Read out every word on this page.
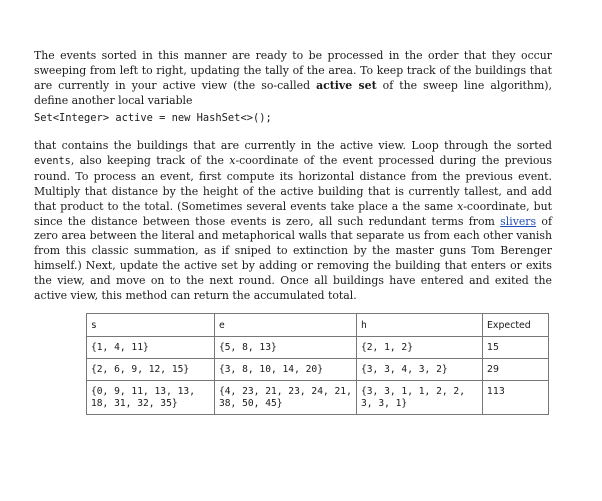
The events sorted in this manner are ready to be processed in the order that they occur sweeping from left to right, updating the tally of the area. To keep track of the buildings that are currently in your active view (the so-called active set of the sweep line algorithm), define another local variable

Set<Integer> active = new HashSet<>();

that contains the buildings that are currently in the active view. Loop through the sorted events, also keeping track of the x-coordinate of the event processed during the previous round. To process an event, first compute its horizontal distance from the previous event. Multiply that distance by the height of the active building that is currently tallest, and add that product to the total. (Sometimes several events take place a the same x-coordinate, but since the distance between those events is zero, all such redundant terms from slivers of zero area between the literal and metaphorical walls that separate us from each other vanish from this classic summation, as if sniped to extinction by the master guns Tom Berenger himself.) Next, update the active set by adding or removing the building that enters or exits the view, and move on to the next round. Once all buildings have entered and exited the active view, this method can return the accumulated total.

s	e	h	Expected
{1, 4, 11}	{5, 8, 13}	{2, 1, 2}	15
{2, 6, 9, 12, 15}	{3, 8, 10, 14, 20}	{3, 3, 4, 3, 2}	29
{0, 9, 11, 13, 13, 18, 31, 32, 35}	{4, 23, 21, 23, 24, 21, 38, 50, 45}	{3, 3, 1, 1, 2, 2, 3, 3, 1}	113
